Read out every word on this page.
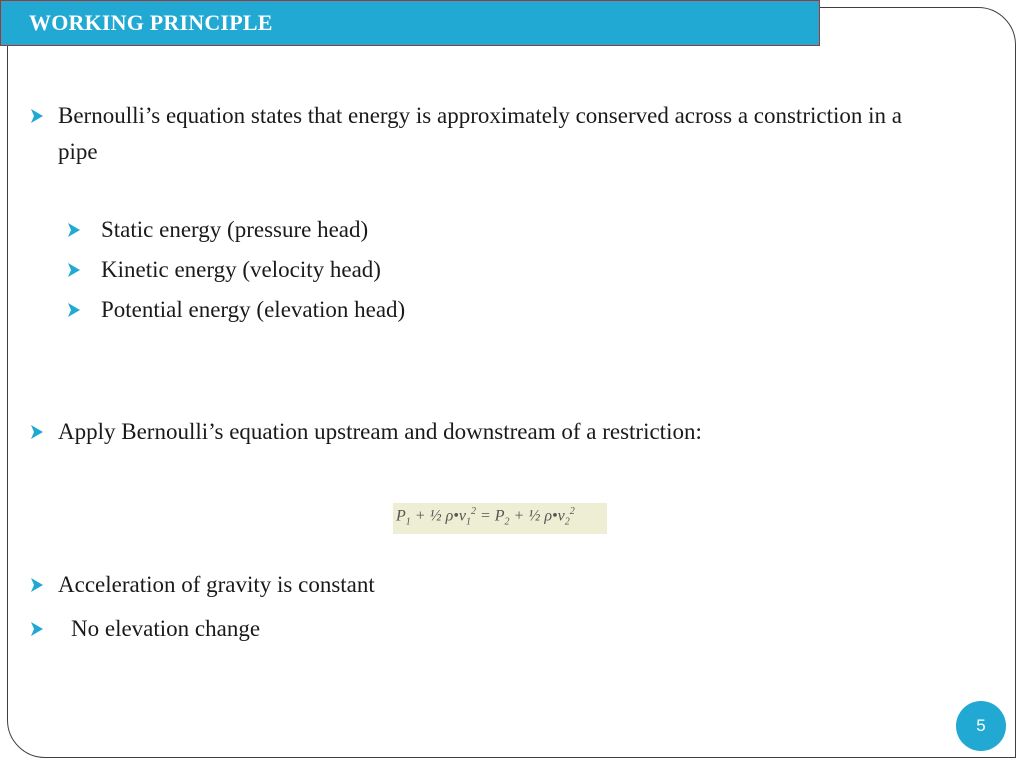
WORKING PRINCIPLE
Bernoulli’s equation states that energy is approximately conserved across a constriction in a
pipe
Static energy (pressure head)
Kinetic energy (velocity head)
Potential energy (elevation head)
Apply Bernoulli’s equation upstream and downstream of a restriction:
$P_1$ + ½ $\rho•v_1^2 = P_2$ + ½ $\rho•v_2^2$
Acceleration of gravity is constant
No elevation change
5
